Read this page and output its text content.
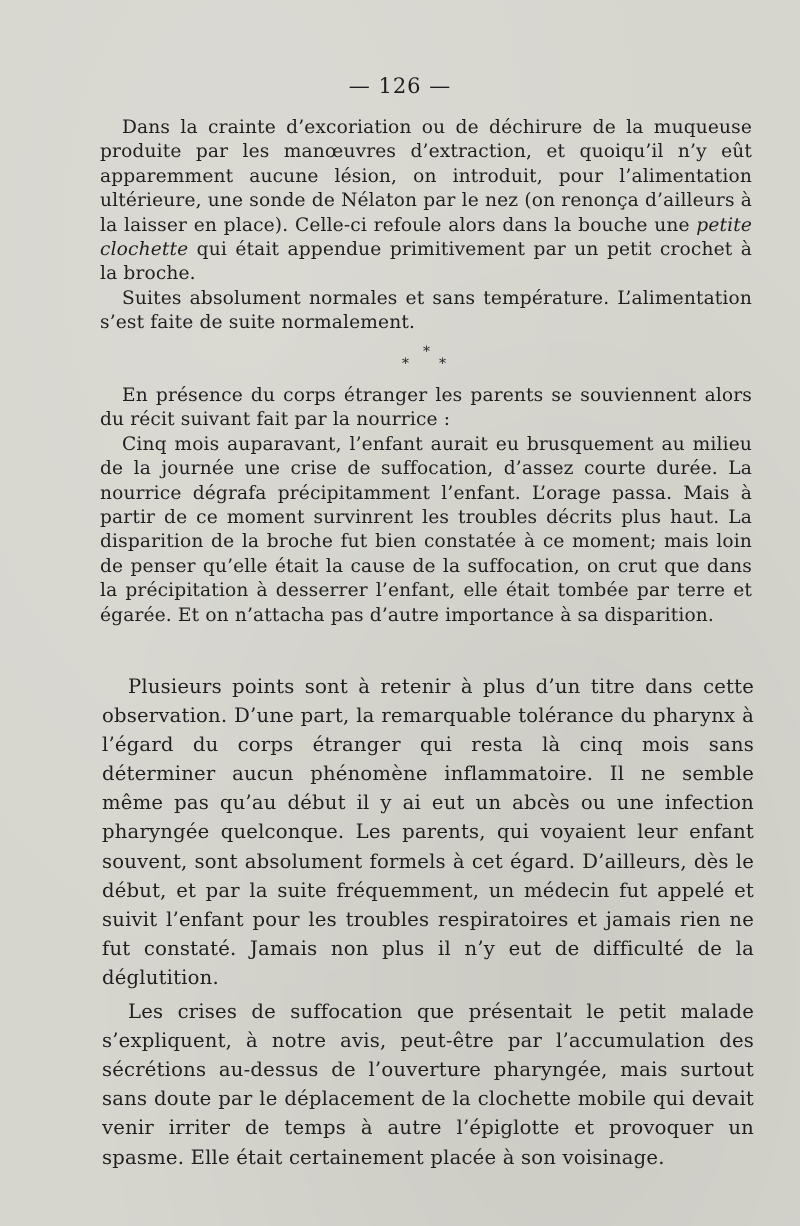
— 126 —

Dans la crainte d’excoriation ou de déchirure de la muqueuse produite par les manœuvres d’extraction, et quoiqu’il n’y eût apparemment aucune lésion, on introduit, pour l’alimentation ultérieure, une sonde de Nélaton par le nez (on renonça d’ailleurs à la laisser en place). Celle-ci refoule alors dans la bouche une petite clochette qui était appendue primitivement par un petit crochet à la broche.

Suites absolument normales et sans température. L’alimentation s’est faite de suite normalement.

*
* *

En présence du corps étranger les parents se souviennent alors du récit suivant fait par la nourrice :

Cinq mois auparavant, l’enfant aurait eu brusquement au milieu de la journée une crise de suffocation, d’assez courte durée. La nourrice dégrafa précipitamment l’enfant. L’orage passa. Mais à partir de ce moment survinrent les troubles décrits plus haut. La disparition de la broche fut bien constatée à ce moment; mais loin de penser qu’elle était la cause de la suffocation, on crut que dans la précipitation à desserrer l’enfant, elle était tombée par terre et égarée. Et on n’attacha pas d’autre importance à sa disparition.

Plusieurs points sont à retenir à plus d’un titre dans cette observation. D’une part, la remarquable tolérance du pharynx à l’égard du corps étranger qui resta là cinq mois sans déterminer aucun phénomène inflammatoire. Il ne semble même pas qu’au début il y ai eut un abcès ou une infection pharyngée quelconque. Les parents, qui voyaient leur enfant souvent, sont absolument formels à cet égard. D’ailleurs, dès le début, et par la suite fréquemment, un médecin fut appelé et suivit l’enfant pour les troubles respiratoires et jamais rien ne fut constaté. Jamais non plus il n’y eut de difficulté de la déglutition.

Les crises de suffocation que présentait le petit malade s’expliquent, à notre avis, peut-être par l’accumulation des sécrétions au-dessus de l’ouverture pharyngée, mais surtout sans doute par le déplacement de la clochette mobile qui devait venir irriter de temps à autre l’épiglotte et provoquer un spasme. Elle était certainement placée à son voisinage.
